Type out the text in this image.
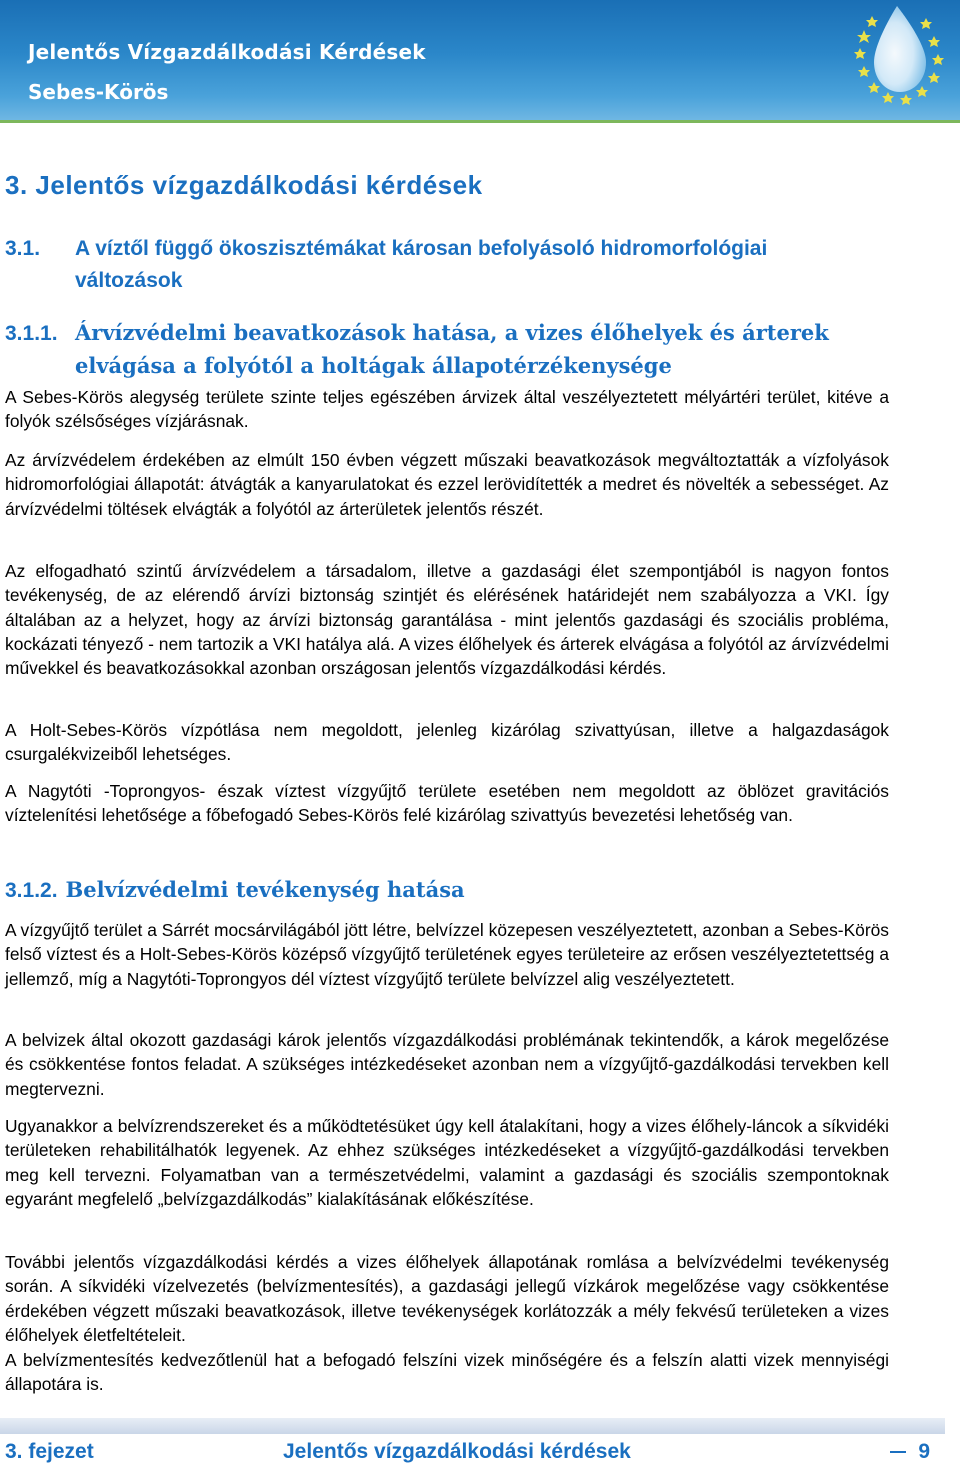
Jelentős Vízgazdálkodási Kérdések
Sebes-Körös
3. Jelentős vízgazdálkodási kérdések
3.1. A víztől függő ökoszisztémákat károsan befolyásoló hidromorfológiai
változások
3.1.1. Árvízvédelmi beavatkozások hatása, a vizes élőhelyek és árterek
elvágása a folyótól a holtágak állapotérzékenysége

A Sebes-Körös alegység területe szinte teljes egészében árvizek által veszélyeztetett mélyártéri terület, kitéve a folyók szélsőséges vízjárásnak.

Az árvízvédelem érdekében az elmúlt 150 évben végzett műszaki beavatkozások megváltoztatták a vízfolyások hidromorfológiai állapotát: átvágták a kanyarulatokat és ezzel lerövidítették a medret és növelték a sebességet. Az árvízvédelmi töltések elvágták a folyótól az árterületek jelentős részét.

Az elfogadható szintű árvízvédelem a társadalom, illetve a gazdasági élet szempontjából is nagyon fontos tevékenység, de az elérendő árvízi biztonság szintjét és elérésének határidejét nem szabályozza a VKI. Így általában az a helyzet, hogy az árvízi biztonság garantálása - mint jelentős gazdasági és szociális probléma, kockázati tényező - nem tartozik a VKI hatálya alá. A vizes élőhelyek és árterek elvágása a folyótól az árvízvédelmi művekkel és beavatkozásokkal azonban országosan jelentős vízgazdálkodási kérdés.

A Holt-Sebes-Körös vízpótlása nem megoldott, jelenleg kizárólag szivattyúsan, illetve a halgazdaságok csurgalékvizeiből lehetséges.

A Nagytóti -Toprongyos- észak víztest vízgyűjtő területe esetében nem megoldott az öblözet gravitációs víztelenítési lehetősége a főbefogadó Sebes-Körös felé kizárólag szivattyús bevezetési lehetőség van.

3.1.2. Belvízvédelmi tevékenység hatása

A vízgyűjtő terület a Sárrét mocsárvilágából jött létre, belvízzel közepesen veszélyeztetett, azonban a Sebes-Körös felső víztest és a Holt-Sebes-Körös középső vízgyűjtő területének egyes területeire az erősen veszélyeztetettség a jellemző, míg a Nagytóti-Toprongyos dél víztest vízgyűjtő területe belvízzel alig veszélyeztetett.

A belvizek által okozott gazdasági károk jelentős vízgazdálkodási problémának tekintendők, a károk megelőzése és csökkentése fontos feladat. A szükséges intézkedéseket azonban nem a vízgyűjtő-gazdálkodási tervekben kell megtervezni.

Ugyanakkor a belvízrendszereket és a működtetésüket úgy kell átalakítani, hogy a vizes élőhely-láncok a síkvidéki területeken rehabilitálhatók legyenek. Az ehhez szükséges intézkedéseket a vízgyűjtő-gazdálkodási tervekben meg kell tervezni. Folyamatban van a természetvédelmi, valamint a gazdasági és szociális szempontoknak egyaránt megfelelő „belvízgazdálkodás” kialakításának előkészítése.

További jelentős vízgazdálkodási kérdés a vizes élőhelyek állapotának romlása a belvízvédelmi tevékenység során. A síkvidéki vízelvezetés (belvízmentesítés), a gazdasági jellegű vízkárok megelőzése vagy csökkentése érdekében végzett műszaki beavatkozások, illetve tevékenységek korlátozzák a mély fekvésű területeken a vizes élőhelyek életfeltételeit.

A belvízmentesítés kedvezőtlenül hat a befogadó felszíni vizek minőségére és a felszín alatti vizek mennyiségi állapotára is.

3. fejezet	Jelentős vízgazdálkodási kérdések	9
